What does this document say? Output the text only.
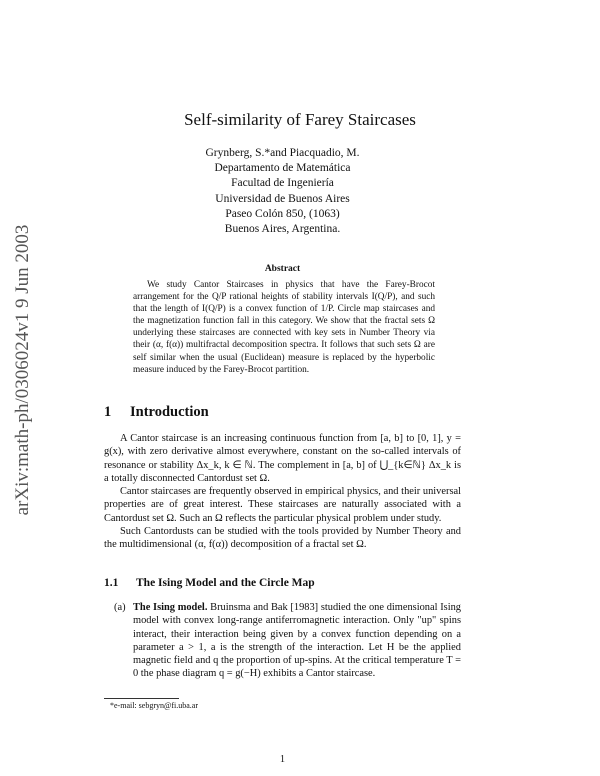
arXiv:math-ph/0306024v1 9 Jun 2003
Self-similarity of Farey Staircases
Grynberg, S.*and Piacquadio, M.
Departamento de Matemática
Facultad de Ingeniería
Universidad de Buenos Aires
Paseo Colón 850, (1063)
Buenos Aires, Argentina.
Abstract
We study Cantor Staircases in physics that have the Farey-Brocot arrangement for the Q/P rational heights of stability intervals I(Q/P), and such that the length of I(Q/P) is a convex function of 1/P. Circle map staircases and the magnetization function fall in this category. We show that the fractal sets Ω underlying these staircases are connected with key sets in Number Theory via their (α, f(α)) multifractal decomposition spectra. It follows that such sets Ω are self similar when the usual (Euclidean) measure is replaced by the hyperbolic measure induced by the Farey-Brocot partition.
1 Introduction

A Cantor staircase is an increasing continuous function from [a, b] to [0, 1], y = g(x), with zero derivative almost everywhere, constant on the so-called intervals of resonance or stability Δx_k, k ∈ ℕ. The complement in [a, b] of ⋃_{k∈ℕ} Δx_k is a totally disconnected Cantordust set Ω.

Cantor staircases are frequently observed in empirical physics, and their universal properties are of great interest. These staircases are naturally associated with a Cantordust set Ω. Such an Ω reflects the particular physical problem under study.

Such Cantordusts can be studied with the tools provided by Number Theory and the multidimensional (α, f(α)) decomposition of a fractal set Ω.

1.1 The Ising Model and the Circle Map
(a) The Ising model. Bruinsma and Bak [1983] studied the one dimensional Ising model with convex long-range antiferromagnetic interaction. Only "up" spins interact, their interaction being given by a convex function depending on a parameter a > 1, a is the strength of the interaction. Let H be the applied magnetic field and q the proportion of up-spins. At the critical temperature T = 0 the phase diagram q = g(−H) exhibits a Cantor staircase.
*e-mail: sebgryn@fi.uba.ar
1
